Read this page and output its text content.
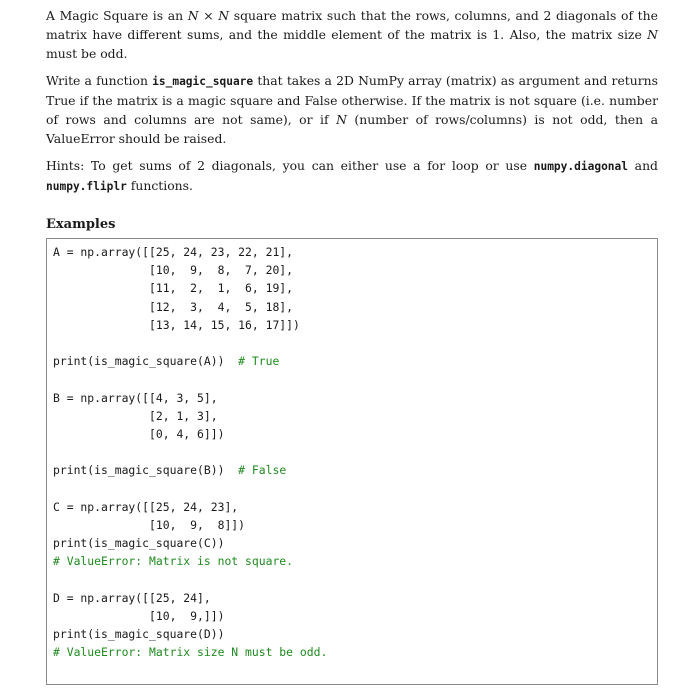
A Magic Square is an N × N square matrix such that the rows, columns, and 2 diagonals of the matrix have different sums, and the middle element of the matrix is 1. Also, the matrix size N must be odd.

Write a function is_magic_square that takes a 2D NumPy array (matrix) as argument and returns True if the matrix is a magic square and False otherwise. If the matrix is not square (i.e. number of rows and columns are not same), or if N (number of rows/columns) is not odd, then a ValueError should be raised.

Hints: To get sums of 2 diagonals, you can either use a for loop or use numpy.diagonal and numpy.fliplr functions.

Examples
A = np.array([[25, 24, 23, 22, 21],
[10,  9,  8,  7, 20],
[11,  2,  1,  6, 19],
[12,  3,  4,  5, 18],
[13, 14, 15, 16, 17]])
print(is_magic_square(A))  # True
B = np.array([[4, 3, 5],
[2, 1, 3],
[0, 4, 6]])
print(is_magic_square(B))  # False
C = np.array([[25, 24, 23],
[10,  9,  8]])
print(is_magic_square(C))
# ValueError: Matrix is not square.
D = np.array([[25, 24],
[10,  9,]])
print(is_magic_square(D))
# ValueError: Matrix size N must be odd.
